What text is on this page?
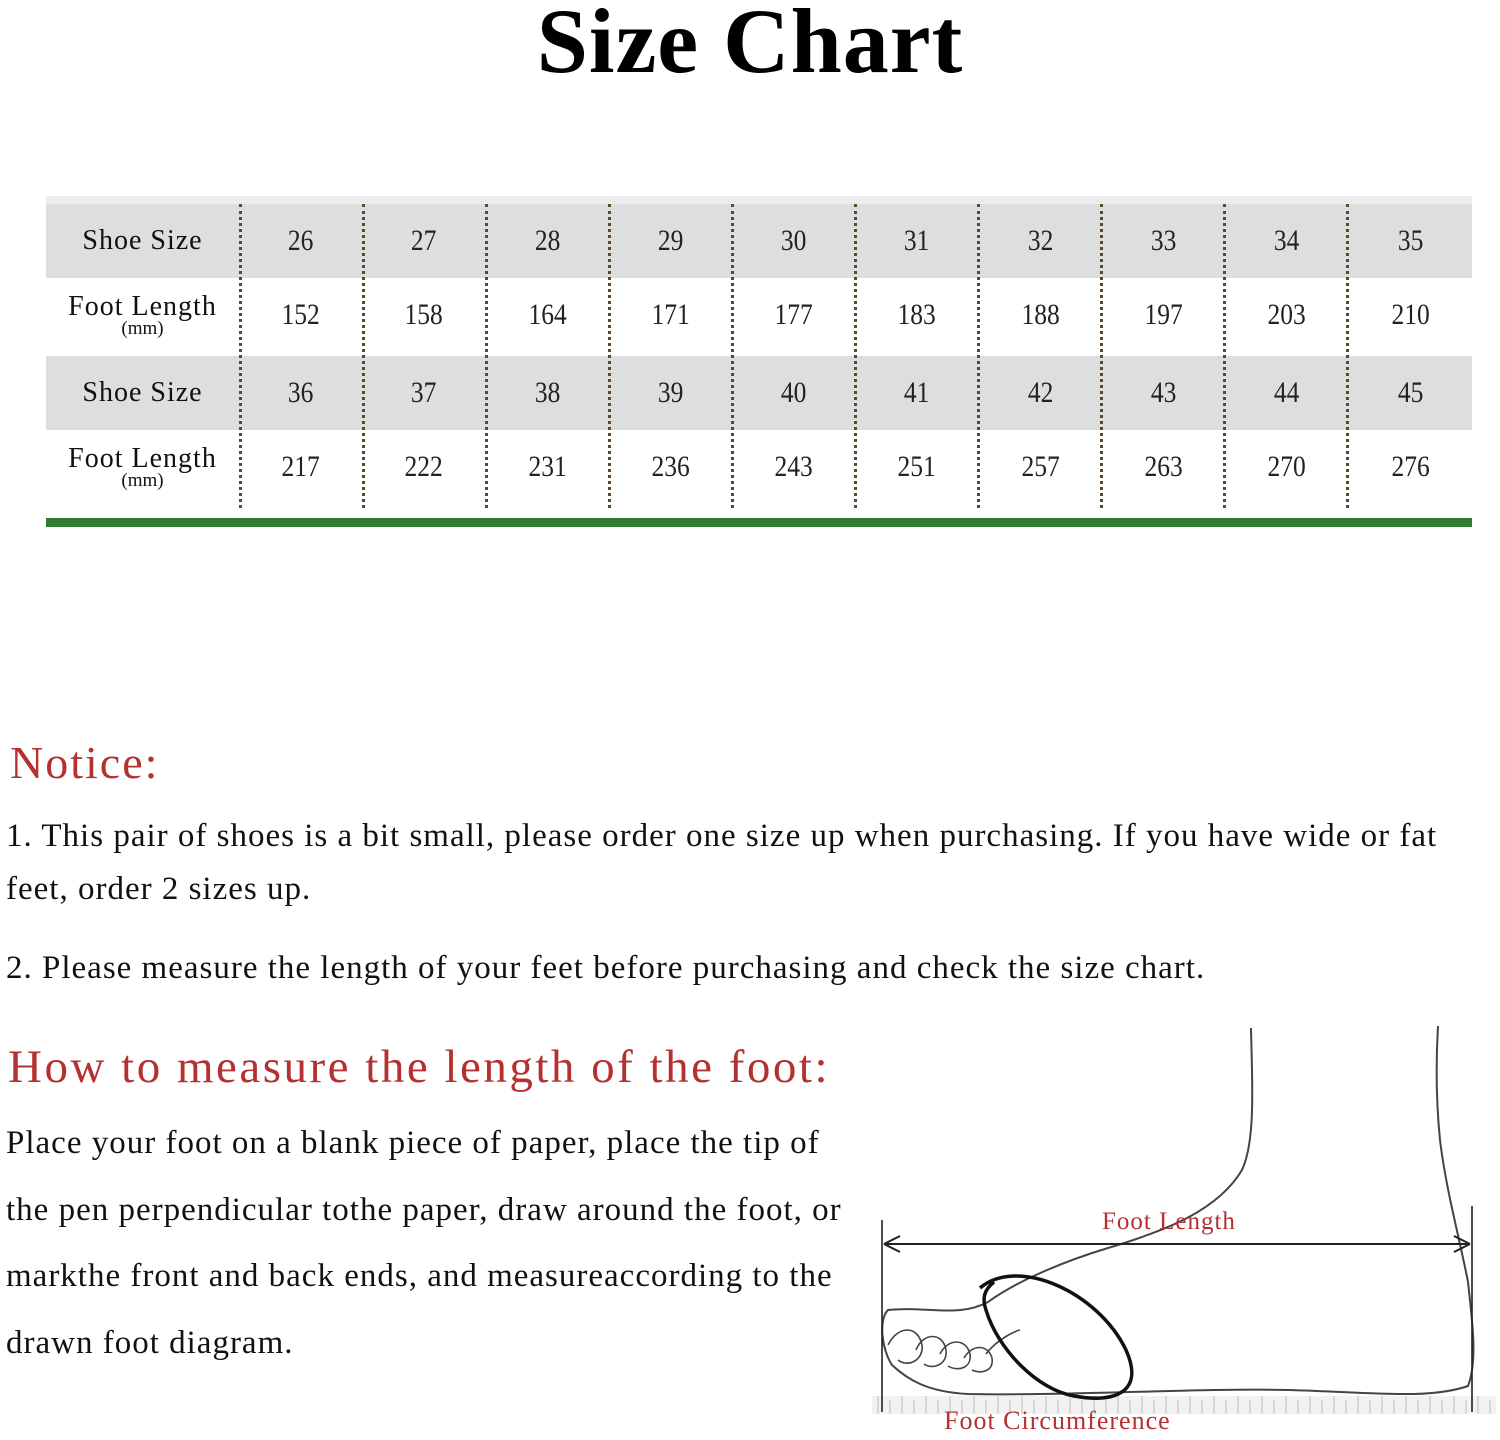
Size Chart
Shoe Size	26	27	28	29	30	31	32	33	34	35
Foot Length
(mm)	152	158	164	171	177	183	188	197	203	210
Shoe Size	36	37	38	39	40	41	42	43	44	45
Foot Length
(mm)	217	222	231	236	243	251	257	263	270	276
Notice:
1. This pair of shoes is a bit small, please order one size up when purchasing. If you have wide or fat feet, order 2 sizes up.
2. Please measure the length of your feet before purchasing and check the size chart.
How to measure the length of the foot:
Place your foot on a blank piece of paper, place the tip of the pen perpendicular tothe paper, draw around the foot, or markthe front and back ends, and measureaccording to the drawn foot diagram.
Foot Length
Foot Circumference
